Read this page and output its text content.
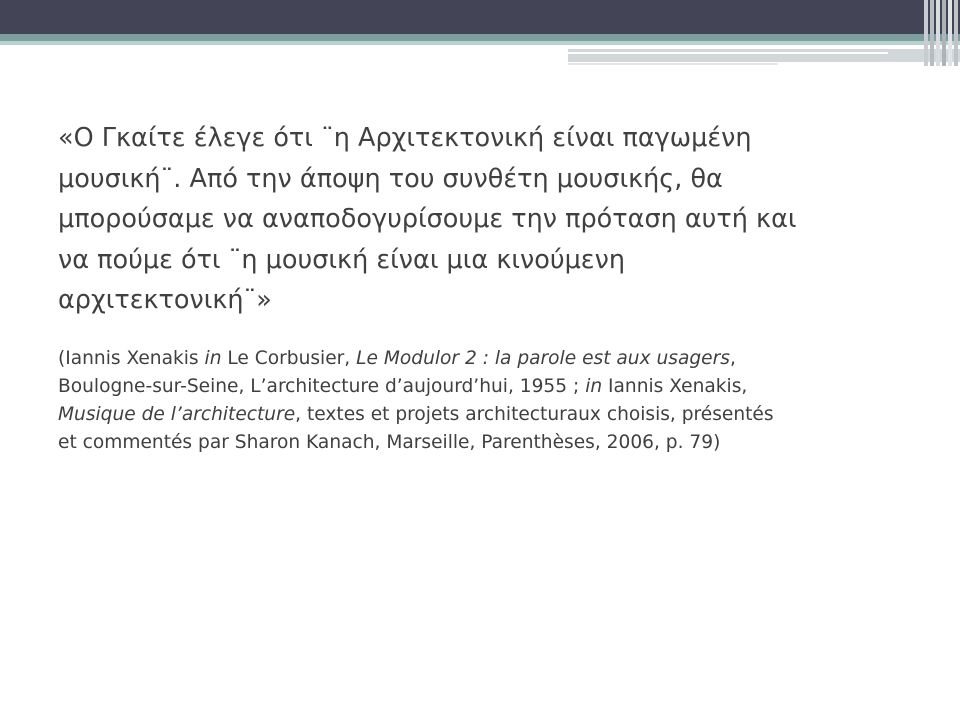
«Ο Γκαίτε έλεγε ότι ¨η Αρχιτεκτονική είναι παγωμένη
μουσική¨. Από την άποψη του συνθέτη μουσικής, θα
μπορούσαμε να αναποδογυρίσουμε την πρόταση αυτή και
να πούμε ότι ¨η μουσική είναι μια κινούμενη
αρχιτεκτονική¨»

(Iannis Xenakis in Le Corbusier, Le Modulor 2 : la parole est aux usagers,
Boulogne-sur-Seine, L’architecture d’aujourd’hui, 1955 ; in Iannis Xenakis,
Musique de l’architecture, textes et projets architecturaux choisis, présentés
et commentés par Sharon Kanach, Marseille, Parenthèses, 2006, p. 79)
